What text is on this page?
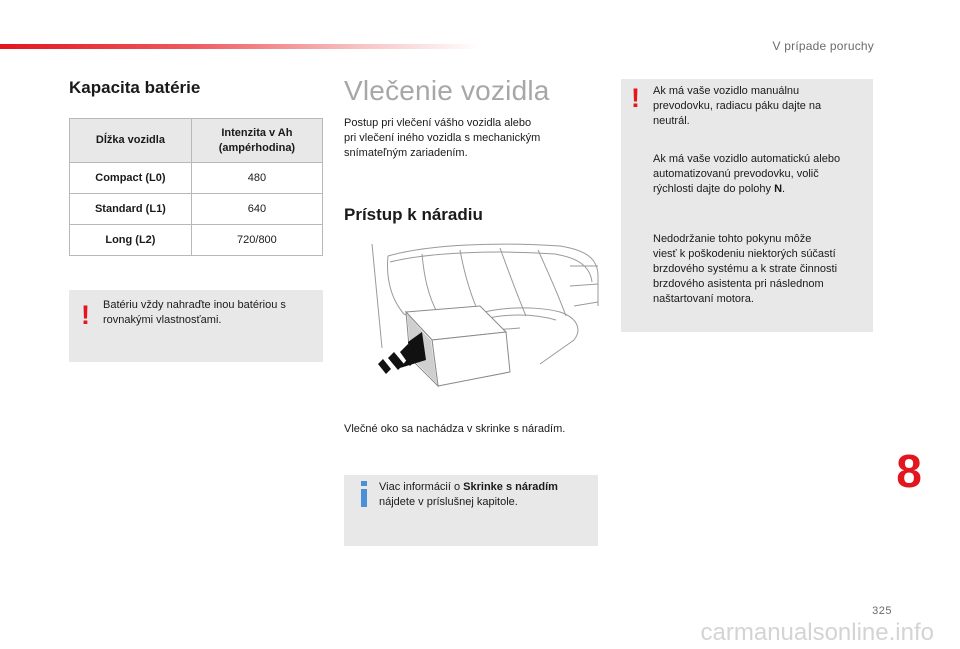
V prípade poruchy
Kapacita batérie
Dĺžka vozidla	Intenzita v Ah
(ampérhodina)
Compact (L0)	480
Standard (L1)	640
Long (L2)	720/800
! Batériu vždy nahraďte inou batériou s
rovnakými vlastnosťami.
Vlečenie vozidla
Postup pri vlečení vášho vozidla alebo
pri vlečení iného vozidla s mechanickým
snímateľným zariadením.
Prístup k náradiu
Vlečné oko sa nachádza v skrinke s náradím.
Viac informácií o Skrinke s náradím
nájdete v príslušnej kapitole.
! Ak má vaše vozidlo manuálnu
prevodovku, radiacu páku dajte na
neutrál.
Ak má vaše vozidlo automatickú alebo
automatizovanú prevodovku, volič
rýchlosti dajte do polohy N.
Nedodržanie tohto pokynu môže
viesť k poškodeniu niektorých súčastí
brzdového systému a k strate činnosti
brzdového asistenta pri následnom
naštartovaní motora.
8
325
carmanualsonline.info
